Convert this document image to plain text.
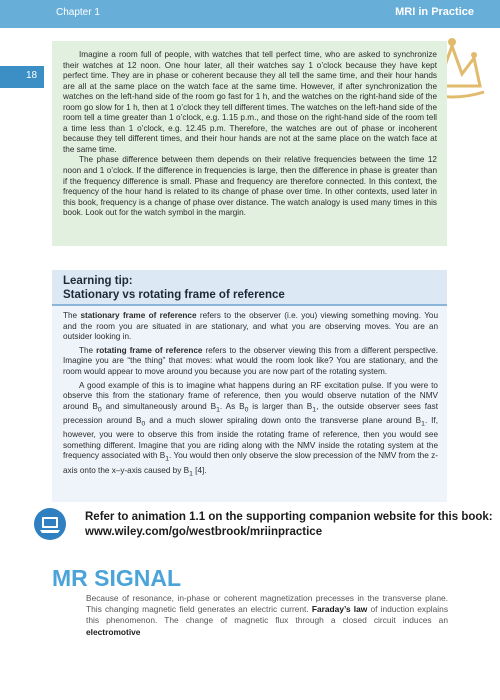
Chapter 1	MRI in Practice
18

Imagine a room full of people, with watches that tell perfect time, who are asked to synchronize their watches at 12 noon. One hour later, all their watches say 1 o’clock because they have kept perfect time. They are in phase or coherent because they all tell the same time, and their hour hands are all at the same place on the watch face at the same time. However, if after synchronization the watches on the left-hand side of the room go fast for 1 h, and the watches on the right-hand side of the room go slow for 1 h, then at 1 o’clock they tell different times. The watches on the left-hand side of the room tell a time greater than 1 o’clock, e.g. 1.15 p.m., and those on the right-hand side of the room tell a time less than 1 o’clock, e.g. 12.45 p.m. Therefore, the watches are out of phase or incoherent because they tell different times, and their hour hands are not at the same place on the watch face at the same time.

The phase difference between them depends on their relative frequencies between the time 12 noon and 1 o’clock. If the difference in frequencies is large, then the difference in phase is greater than if the frequency difference is small. Phase and frequency are therefore connected. In this context, the frequency of the hour hand is related to its change of phase over time. In other contexts, used later in this book, frequency is a change of phase over distance. The watch analogy is used many times in this book. Look out for the watch symbol in the margin.

Learning tip:
Stationary vs rotating frame of reference

The stationary frame of reference refers to the observer (i.e. you) viewing something moving. You and the room you are situated in are stationary, and what you are observing moves. You are an outsider looking in.

The rotating frame of reference refers to the observer viewing this from a different perspective. Imagine you are “the thing” that moves: what would the room look like? You are stationary, and the room would appear to move around you because you are now part of the rotating system.

A good example of this is to imagine what happens during an RF excitation pulse. If you were to observe this from the stationary frame of reference, then you would observe nutation of the NMV around $B_0$ and simultaneously around $B_1$. As $B_0$ is larger than $B_1$, the outside observer sees fast precession around $B_0$ and a much slower spiraling down onto the transverse plane around $B_1$. If, however, you were to observe this from inside the rotating frame of reference, then you would see something different. Imagine that you are riding along with the NMV inside the rotating system at the frequency associated with $B_1$. You would then only observe the slow precession of the NMV from the z-axis onto the x–y-axis caused by $B_1$ [4].

Refer to animation 1.1 on the supporting companion website for this book:
www.wiley.com/go/westbrook/mriinpractice
MR SIGNAL
Because of resonance, in-phase or coherent magnetization precesses in the transverse plane. This changing magnetic field generates an electric current. Faraday’s law of induction explains this phenomenon. The change of magnetic flux through a closed circuit induces an electromotive
